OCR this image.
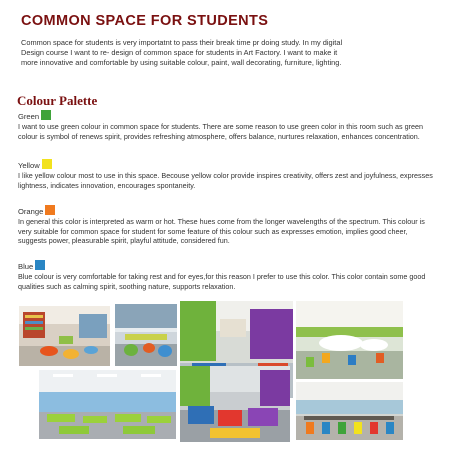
COMMON SPACE FOR STUDENTS
Common space for students is very importatnt to pass their break time pr doing study. In my digital Design course I want to re- design of common space for students in Art Factory. I want to make it more innovative and comfortable by using suitable colour, paint, wall decorating, furniture, lighting.
Colour Palette
Green

I want to use green colour in common space for students. There are some reason to use green color in this room such as green colour is symbol of renews spirit, provides refreshing atmosphere, offers balance, nurtures relaxation, enhances concentration.

Yellow

I like yellow colour most to use in this space. Becouse yellow color provide inspires creativity, offers zest and joyfulness, expresses lightness, indicates innovation, encourages spontaneity.

Orange

In general this color is interpreted as warm or hot. These hues come from the longer wavelengths of the spectrum. This colour is very suitable for common space for student for some feature of this colour such as expresses emotion, implies good cheer, suggests power, pleasurable spirit, playful attitude, considered fun.

Blue

Blue colour is very comfortable for taking rest and for eyes,for this reason I prefer to use this color. This color contain some good qualities such as calming spirit, soothing nature, supports relaxation.
